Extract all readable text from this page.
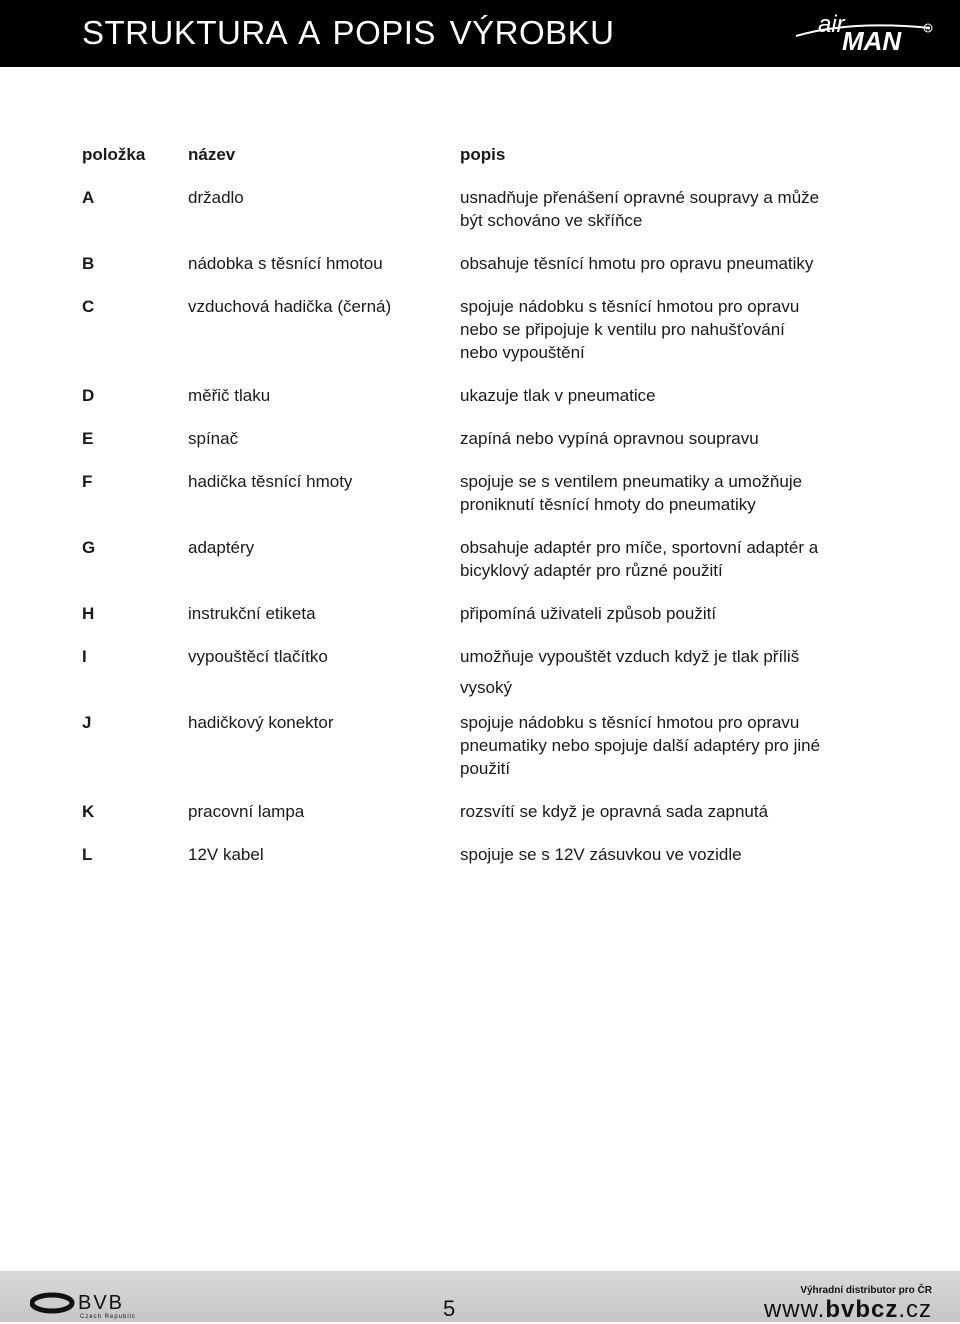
STRUKTURA A POPIS VÝROBKU	air
MAN	R
položka	název	popis
A	držadlo	usnadňuje přenášení opravné soupravy a může
být schováno ve skříňce
B	nádobka s těsnící hmotou	obsahuje těsnící hmotu pro opravu pneumatiky
C	vzduchová hadička (černá)	spojuje nádobku s těsnící hmotou pro opravu
nebo se připojuje k ventilu pro nahušťování
nebo vypouštění
D	měřič tlaku	ukazuje tlak v pneumatice
E	spínač	zapíná nebo vypíná opravnou soupravu
F	hadička těsnící hmoty	spojuje se s ventilem pneumatiky a umožňuje
proniknutí těsnící hmoty do pneumatiky
G	adaptéry	obsahuje adaptér pro míče, sportovní adaptér a
bicyklový adaptér pro různé použití
H	instrukční etiketa	připomíná uživateli způsob použití
I	vypouštěcí tlačítko	umožňuje vypouštět vzduch když je tlak příliš
vysoký
J	hadičkový konektor	spojuje nádobku s těsnící hmotou pro opravu
pneumatiky nebo spojuje další adaptéry pro jiné
použití
K	pracovní lampa	rozsvítí se když je opravná sada zapnutá
L	12V kabel	spojuje se s 12V zásuvkou ve vozidle
BVB
Czech Republic	5
Výhradní distributor pro ČR
www.bvbcz.cz
